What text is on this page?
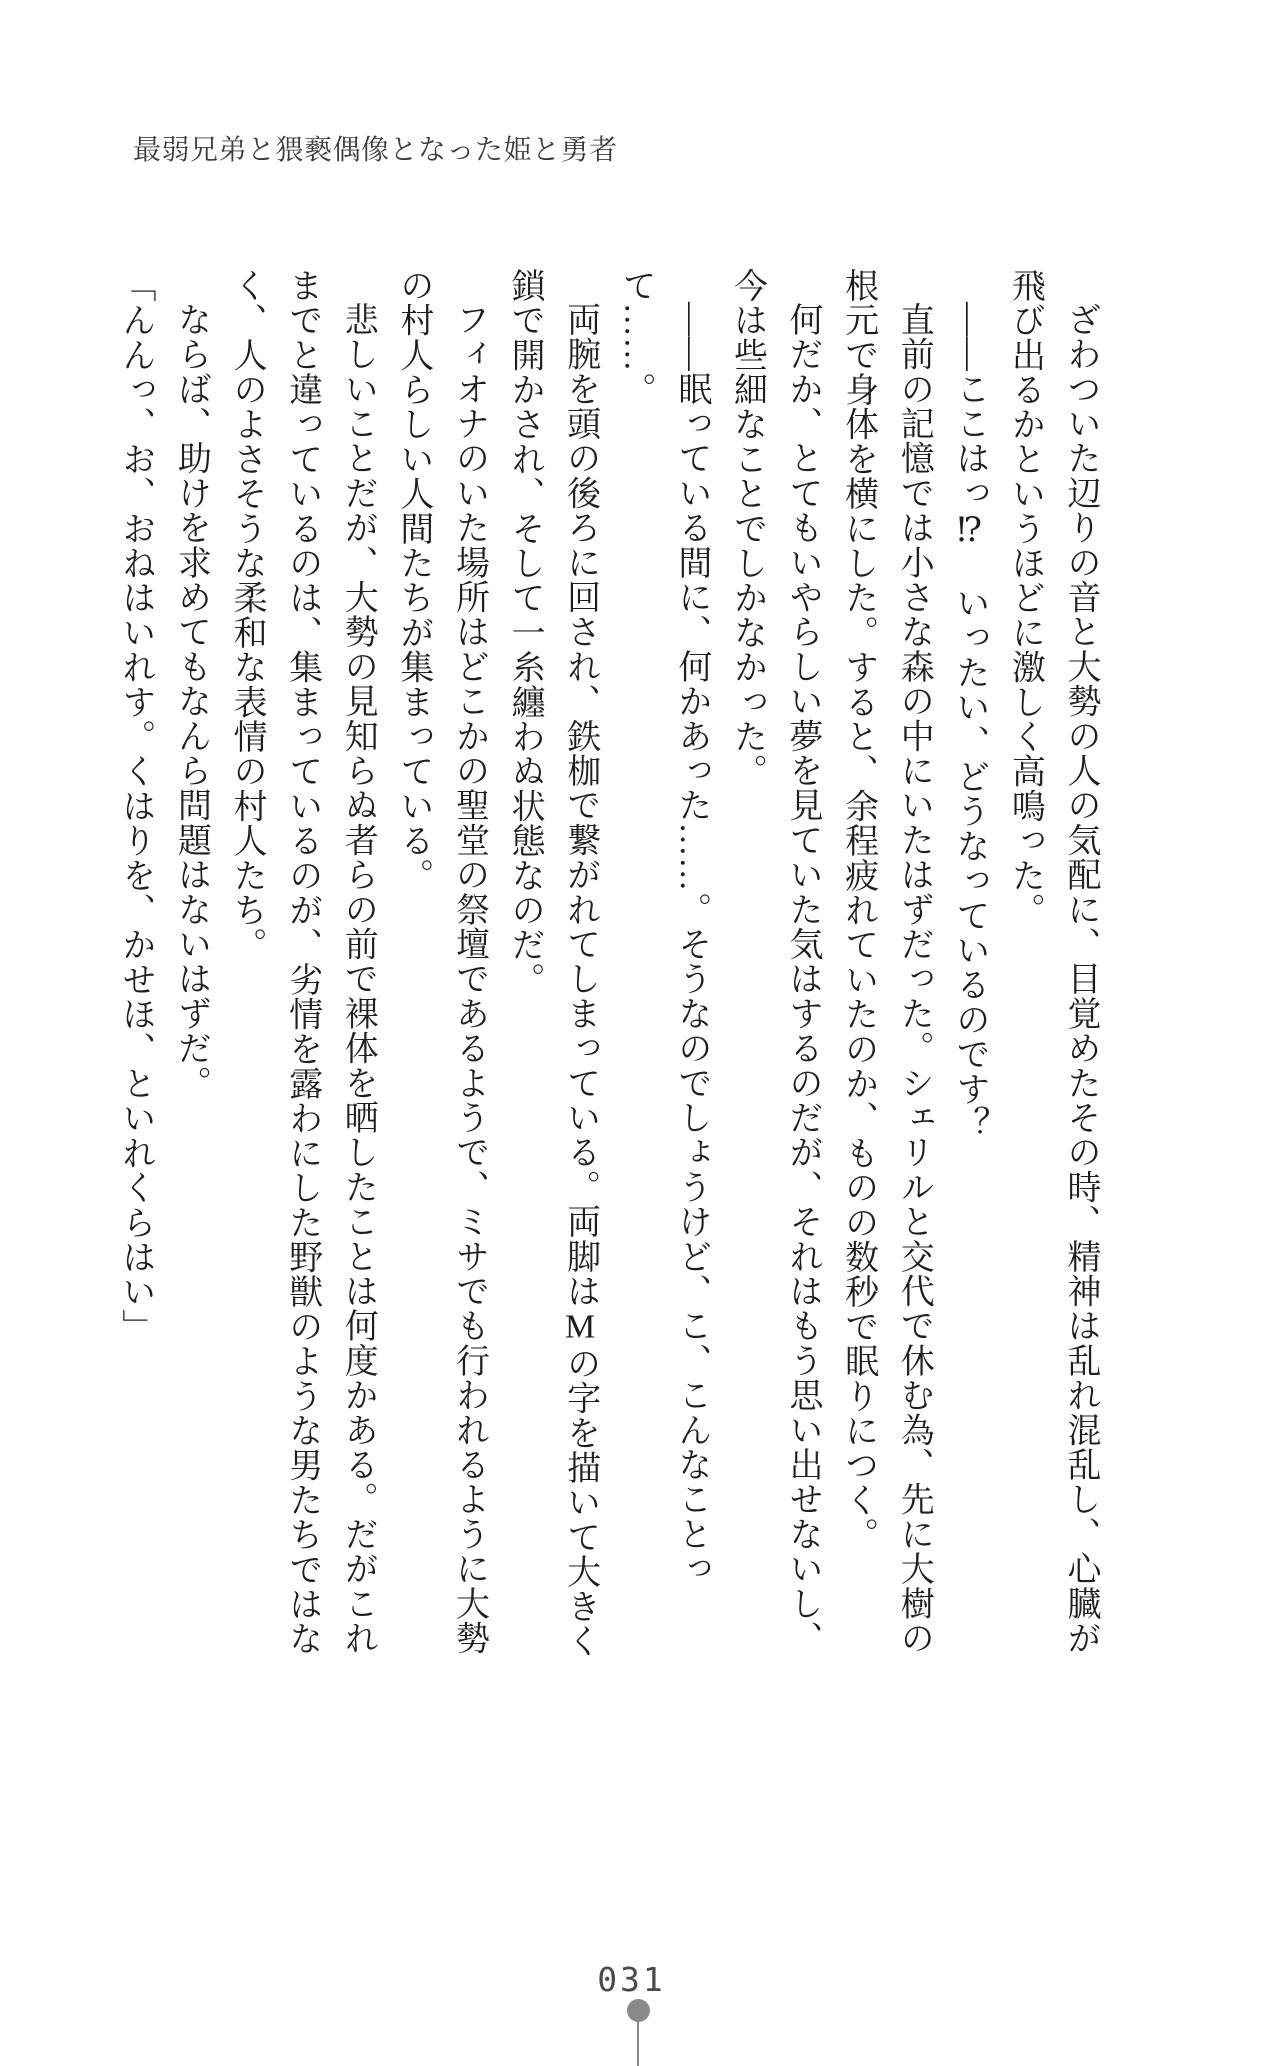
最弱兄弟と猥褻偶像となった姫と勇者

ざわついた辺りの音と大勢の人の気配に、目覚めたその時、精神は乱れ混乱し、心臓が飛び出るかというほどに激しく高鳴った。

――ここはっ⁉　いったい、どうなっているのです？

直前の記憶では小さな森の中にいたはずだった。シェリルと交代で休む為、先に大樹の根元で身体を横にした。すると、余程疲れていたのか、ものの数秒で眠りにつく。

何だか、とてもいやらしい夢を見ていた気はするのだが、それはもう思い出せないし、今は些細なことでしかなかった。

――眠っている間に、何かあった……。そうなのでしょうけど、こ、こんなことって……。

両腕を頭の後ろに回され、鉄枷で繋がれてしまっている。両脚はMの字を描いて大きく鎖で開かされ、そして一糸纏わぬ状態なのだ。

フィオナのいた場所はどこかの聖堂の祭壇であるようで、ミサでも行われるように大勢の村人らしい人間たちが集まっている。

悲しいことだが、大勢の見知らぬ者らの前で裸体を晒したことは何度かある。だがこれまでと違っているのは、集まっているのが、劣情を露わにした野獣のような男たちではなく、人のよさそうな柔和な表情の村人たち。

ならば、助けを求めてもなんら問題はないはずだ。

「んんっ、お、おねはいれす。くはりを、かせほ、といれくらはい」

031
